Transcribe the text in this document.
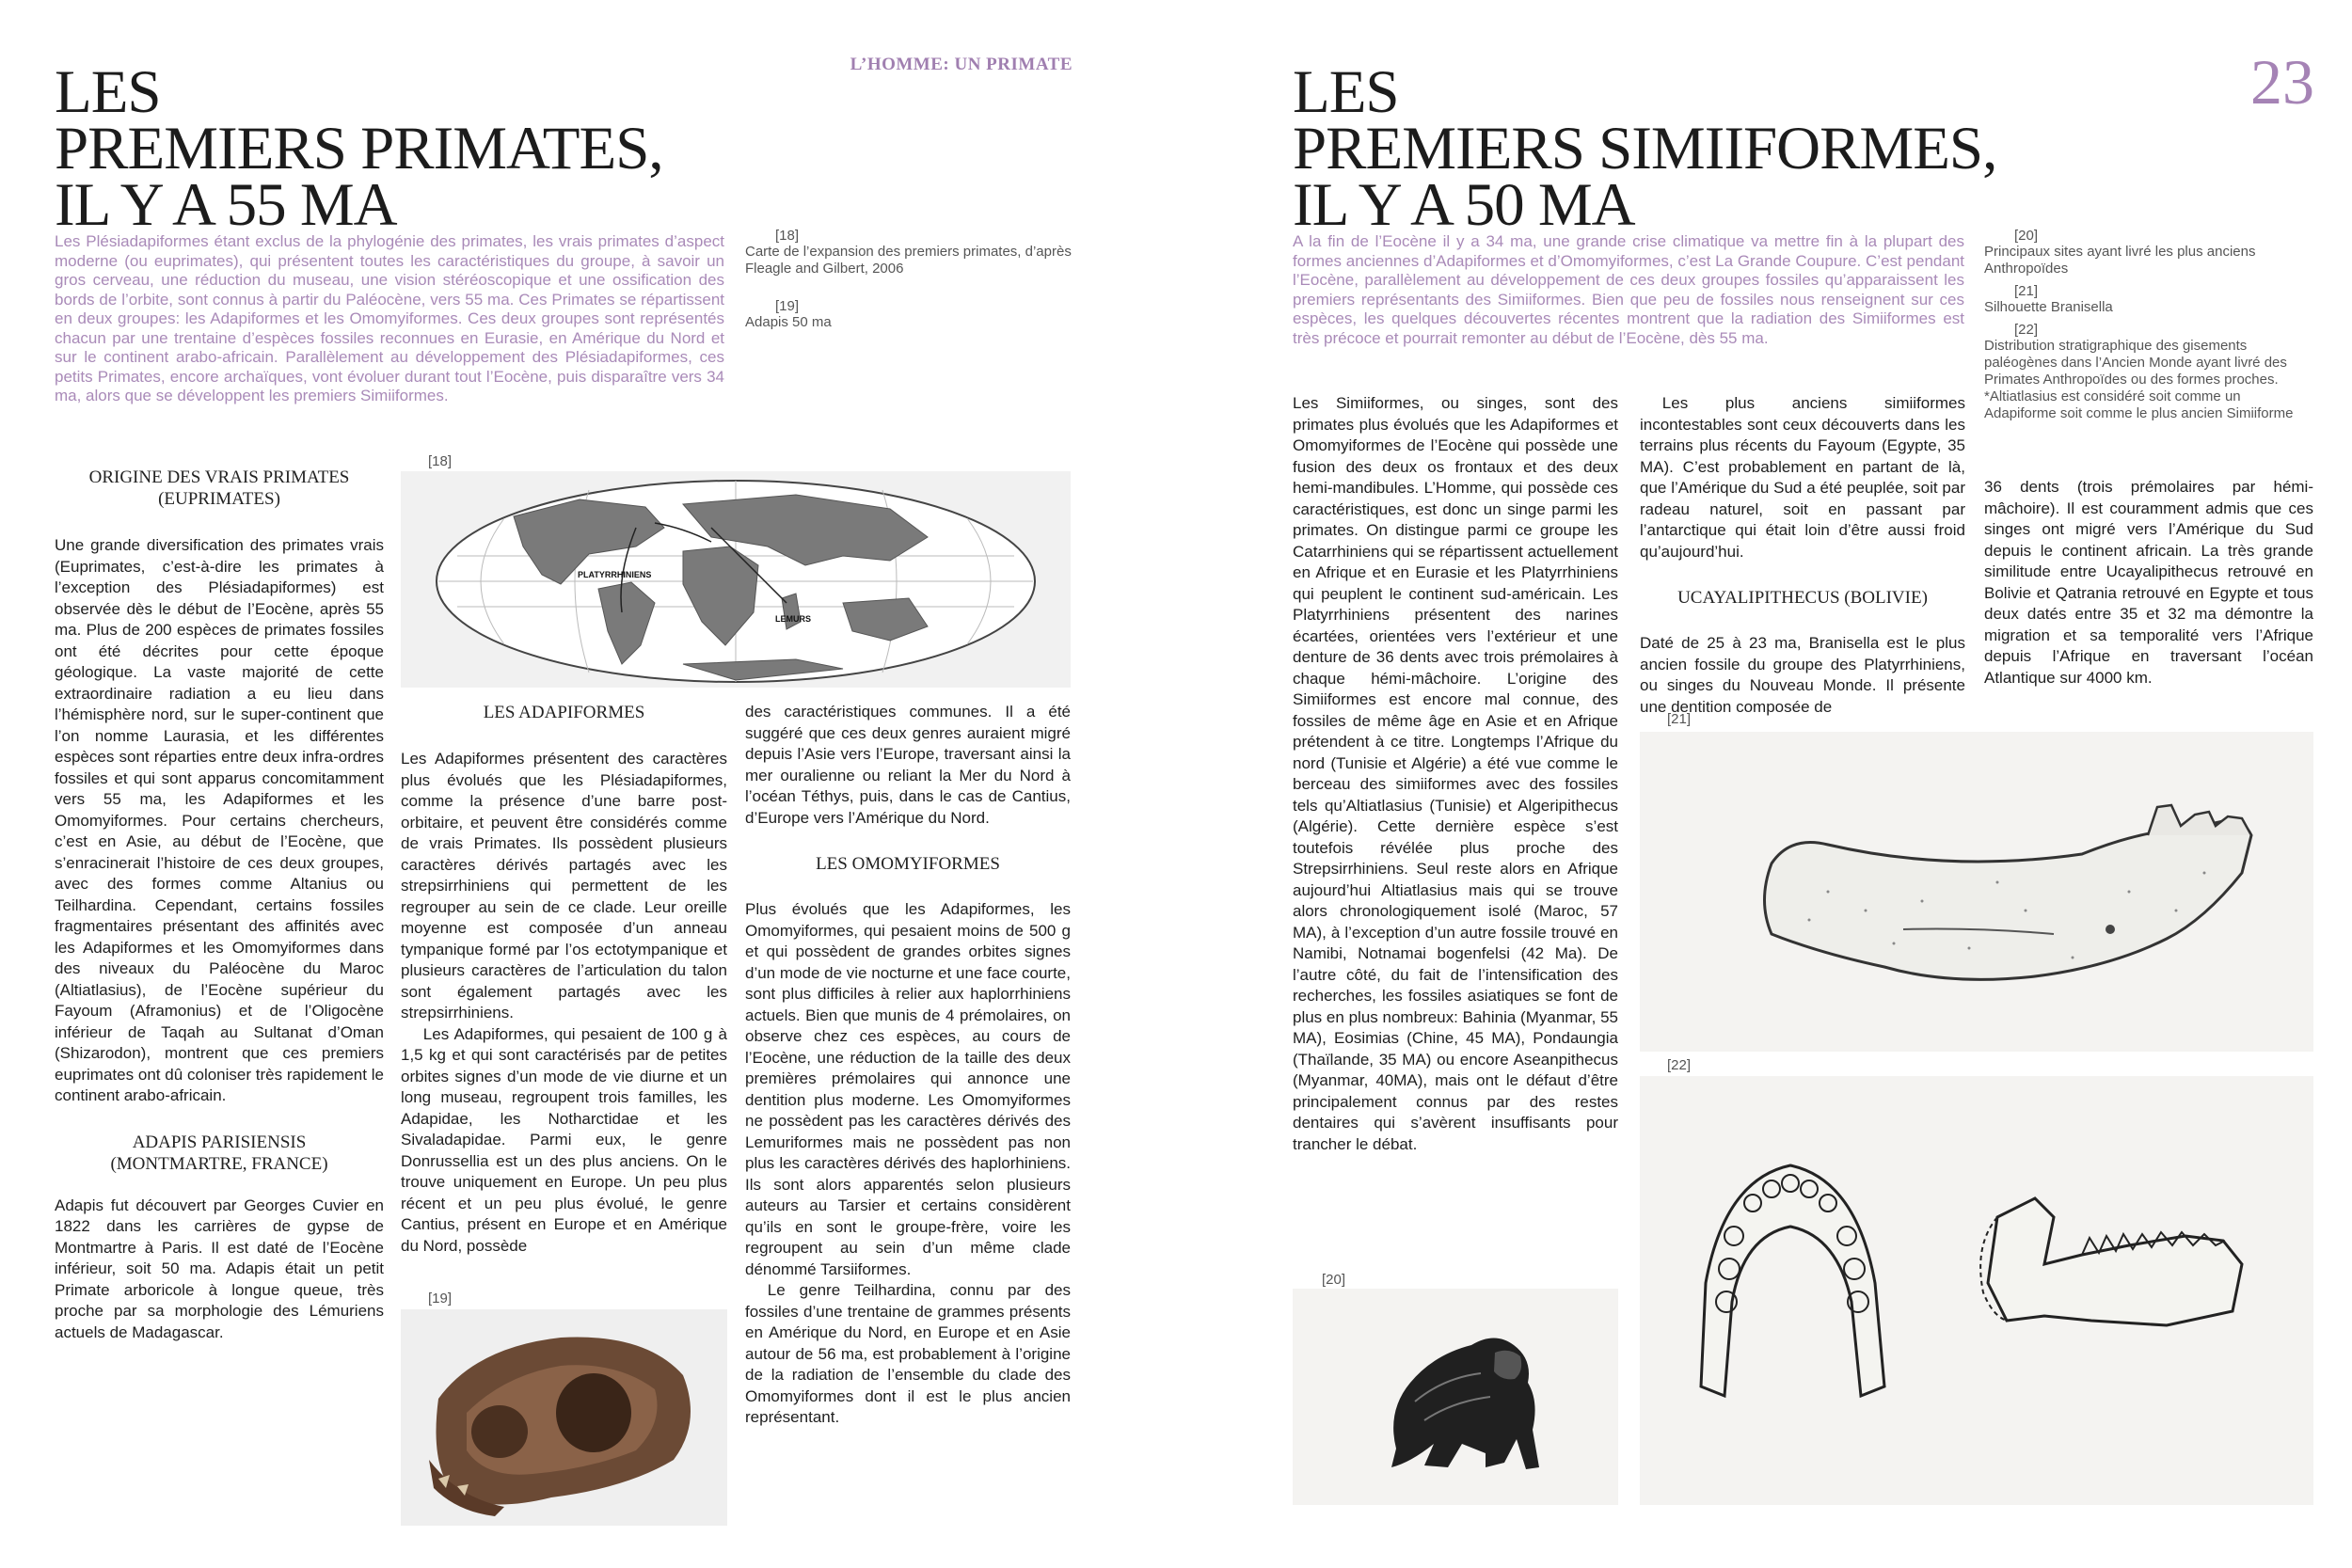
LES
PREMIERS PRIMATES,
IL Y A 55 MA
L’HOMME: UN PRIMATE
Les Plésiadapiformes étant exclus de la phylogénie des primates, les vrais primates d’aspect moderne (ou euprimates), qui présentent toutes les caractéristiques du groupe, à savoir un gros cerveau, une réduction du museau, une vision stéréoscopique et une ossification des bords de l’orbite, sont connus à partir du Paléocène, vers 55 ma. Ces Primates se répartissent en deux groupes: les Adapiformes et les Omomyiformes. Ces deux groupes sont représentés chacun par une trentaine d’espèces fossiles reconnues en Eurasie, en Amérique du Nord et sur le continent arabo-africain. Parallèlement au développement des Plésiadapiformes, ces petits Primates, encore archaïques, vont évoluer durant tout l’Eocène, puis disparaître vers 34 ma, alors que se développent les premiers Simiiformes.
[18]
Carte de l’expansion des premiers primates, d’après Fleagle and Gilbert, 2006
[19]
Adapis 50 ma
ORIGINE DES VRAIS PRIMATES (EUPRIMATES)

Une grande diversification des primates vrais (Euprimates, c’est-à-dire les primates à l’exception des Plésiadapiformes) est observée dès le début de l’Eocène, après 55 ma. Plus de 200 espèces de primates fossiles ont été décrites pour cette époque géologique. La vaste majorité de cette extraordinaire radiation a eu lieu dans l’hémisphère nord, sur le super-continent que l’on nomme Laurasia, et les différentes espèces sont réparties entre deux infra-ordres fossiles et qui sont apparus concomitamment vers 55 ma, les Adapiformes et les Omomyiformes. Pour certains chercheurs, c’est en Asie, au début de l’Eocène, que s’enracinerait l’histoire de ces deux groupes, avec des formes comme Altanius ou Teilhardina. Cependant, certains fossiles fragmentaires présentant des affinités avec les Adapiformes et les Omomyiformes dans des niveaux du Paléocène du Maroc (Altiatlasius), de l’Eocène supérieur du Fayoum (Aframonius) et de l’Oligocène inférieur de Taqah au Sultanat d’Oman (Shizarodon), montrent que ces premiers euprimates ont dû coloniser très rapidement le continent arabo-africain.

ADAPIS PARISIENSIS (MONTMARTRE, FRANCE)

Adapis fut découvert par Georges Cuvier en 1822 dans les carrières de gypse de Montmartre à Paris. Il est daté de l’Eocène inférieur, soit 50 ma. Adapis était un petit Primate arboricole à longue queue, très proche par sa morphologie des Lémuriens actuels de Madagascar.

[18]
PLATYRRHINIENS
LEMURS
LES ADAPIFORMES

Les Adapiformes présentent des caractères plus évolués que les Plésiadapiformes, comme la présence d’une barre post-orbitaire, et peuvent être considérés comme de vrais Primates. Ils possèdent plusieurs caractères dérivés partagés avec les strepsirrhiniens qui permettent de les regrouper au sein de ce clade. Leur oreille moyenne est composée d’un anneau tympanique formé par l’os ectotympanique et plusieurs caractères de l’articulation du talon sont également partagés avec les strepsirrhiniens.

Les Adapiformes, qui pesaient de 100 g à 1,5 kg et qui sont caractérisés par de petites orbites signes d’un mode de vie diurne et un long museau, regroupent trois familles, les Adapidae, les Notharctidae et les Sivaladapidae. Parmi eux, le genre Donrussellia est un des plus anciens. On le trouve uniquement en Europe. Un peu plus récent et un peu plus évolué, le genre Cantius, présent en Europe et en Amérique du Nord, possède

[19]

des caractéristiques communes. Il a été suggéré que ces deux genres auraient migré depuis l’Asie vers l’Europe, traversant ainsi la mer ouralienne ou reliant la Mer du Nord à l’océan Téthys, puis, dans le cas de Cantius, d’Europe vers l’Amérique du Nord.

LES OMOMYIFORMES

Plus évolués que les Adapiformes, les Omomyiformes, qui pesaient moins de 500 g et qui possèdent de grandes orbites signes d’un mode de vie nocturne et une face courte, sont plus difficiles à relier aux haplorrhiniens actuels. Bien que munis de 4 prémolaires, on observe chez ces espèces, au cours de l’Eocène, une réduction de la taille des deux premières prémolaires qui annonce une dentition plus moderne. Les Omomyiformes ne possèdent pas les caractères dérivés des Lemuriformes mais ne possèdent pas non plus les caractères dérivés des haplorhiniens. Ils sont alors apparentés selon plusieurs auteurs au Tarsier et certains considèrent qu’ils en sont le groupe-frère, voire les regroupent au sein d’un même clade dénommé Tarsiiformes.

Le genre Teilhardina, connu par des fossiles d’une trentaine de grammes présents en Amérique du Nord, en Europe et en Asie autour de 56 ma, est probablement à l’origine de la radiation de l’ensemble du clade des Omomyiformes dont il est le plus ancien représentant.

LES
PREMIERS SIMIIFORMES,
IL Y A 50 MA
23
A la fin de l’Eocène il y a 34 ma, une grande crise climatique va mettre fin à la plupart des formes anciennes d’Adapiformes et d’Omomyiformes, c’est La Grande Coupure. C’est pendant l’Eocène, parallèlement au développement de ces deux groupes fossiles qu’apparaissent les premiers représentants des Simiiformes. Bien que peu de fossiles nous renseignent sur ces espèces, les quelques découvertes récentes montrent que la radiation des Simiiformes est très précoce et pourrait remonter au début de l’Eocène, dès 55 ma.
[20]
Principaux sites ayant livré les plus anciens Anthropoïdes
[21]
Silhouette Branisella
[22]
Distribution stratigraphique des gisements paléogènes dans l’Ancien Monde ayant livré des Primates Anthropoïdes ou des formes proches. *Altiatlasius est considéré soit comme un Adapiforme soit comme le plus ancien Simiiforme

Les Simiiformes, ou singes, sont des primates plus évolués que les Adapiformes et Omomyiformes de l’Eocène qui possède une fusion des deux os frontaux et des deux hemi-mandibules. L’Homme, qui possède ces caractéristiques, est donc un singe parmi les primates. On distingue parmi ce groupe les Catarrhiniens qui se répartissent actuellement en Afrique et en Eurasie et les Platyrrhiniens qui peuplent le continent sud-américain. Les Platyrrhiniens présentent des narines écartées, orientées vers l’extérieur et une denture de 36 dents avec trois prémolaires à chaque hémi-mâchoire. L’origine des Simiiformes est encore mal connue, des fossiles de même âge en Asie et en Afrique prétendent à ce titre. Longtemps l’Afrique du nord (Tunisie et Algérie) a été vue comme le berceau des simiiformes avec des fossiles tels qu’Altiatlasius (Tunisie) et Algeripithecus (Algérie). Cette dernière espèce s’est toutefois révélée plus proche des Strepsirrhiniens. Seul reste alors en Afrique aujourd’hui Altiatlasius mais qui se trouve alors chronologiquement isolé (Maroc, 57 MA), à l’exception d’un autre fossile trouvé en Namibi, Notnamai bogenfelsi (42 Ma). De l’autre côté, du fait de l’intensification des recherches, les fossiles asiatiques se font de plus en plus nombreux: Bahinia (Myanmar, 55 MA), Eosimias (Chine, 45 MA), Pondaungia (Thaïlande, 35 MA) ou encore Aseanpithecus (Myanmar, 40MA), mais ont le défaut d’être principalement connus par des restes dentaires qui s’avèrent insuffisants pour trancher le débat.

[20]

Les plus anciens simiiformes incontestables sont ceux découverts dans les terrains plus récents du Fayoum (Egypte, 35 MA). C’est probablement en partant de là, que l’Amérique du Sud a été peuplée, soit par radeau naturel, soit en passant par l’antarctique qui était loin d’être aussi froid qu’aujourd’hui.

UCAYALIPITHECUS (BOLIVIE)

Daté de 25 à 23 ma, Branisella est le plus ancien fossile du groupe des Platyrrhiniens, ou singes du Nouveau Monde. Il présente une dentition composée de

36 dents (trois prémolaires par hémi-mâchoire). Il est couramment admis que ces singes ont migré vers l’Amérique du Sud depuis le continent africain. La très grande similitude entre Ucayalipithecus retrouvé en Bolivie et Qatrania retrouvé en Egypte et tous deux datés entre 35 et 32 ma démontre la migration et sa temporalité vers l’Afrique depuis l’Afrique en traversant l’océan Atlantique sur 4000 km.

[21]
[22]
